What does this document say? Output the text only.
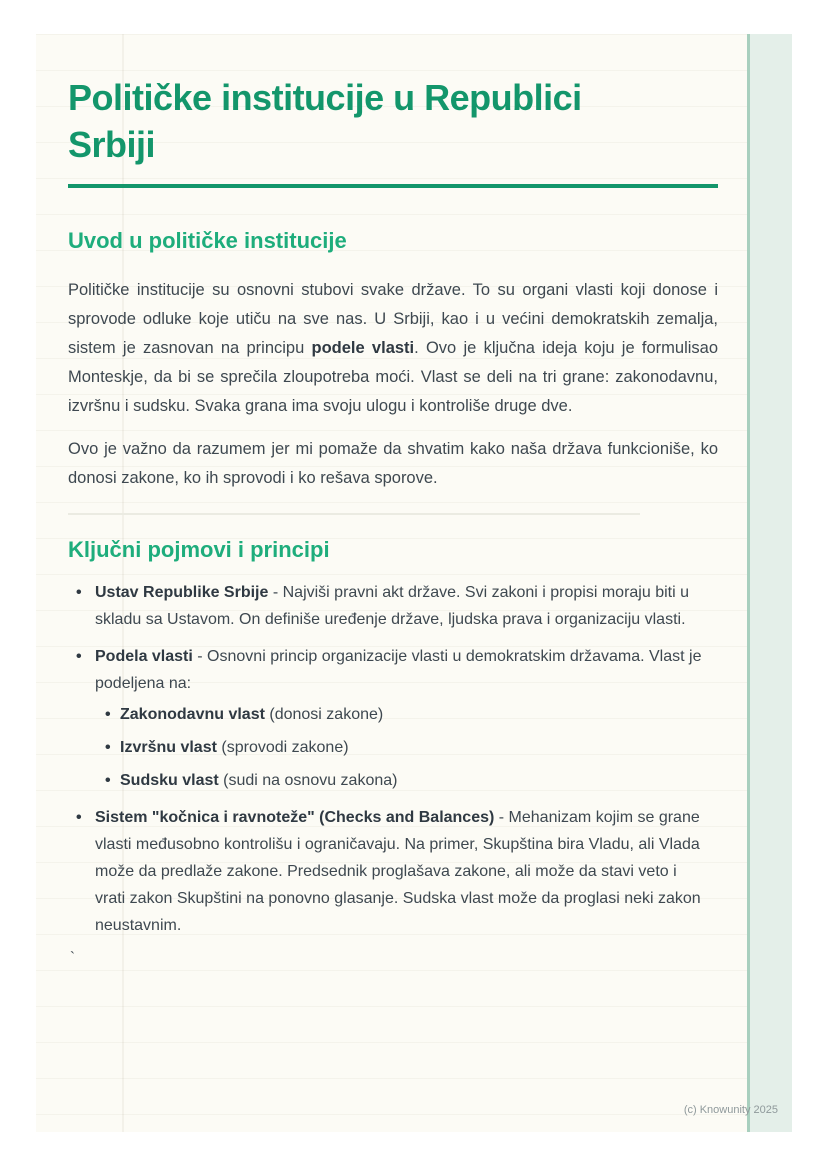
Političke institucije u Republici
Srbiji
Uvod u političke institucije

Političke institucije su osnovni stubovi svake države. To su organi vlasti koji donose i sprovode odluke koje utiču na sve nas. U Srbiji, kao i u većini demokratskih zemalja, sistem je zasnovan na principu podele vlasti. Ovo je ključna ideja koju je formulisao Monteskje, da bi se sprečila zloupotreba moći. Vlast se deli na tri grane: zakonodavnu, izvršnu i sudsku. Svaka grana ima svoju ulogu i kontroliše druge dve.

Ovo je važno da razumem jer mi pomaže da shvatim kako naša država funkcioniše, ko donosi zakone, ko ih sprovodi i ko rešava sporove.

Ključni pojmovi i principi
• Ustav Republike Srbije - Najviši pravni akt države. Svi zakoni i propisi moraju biti u skladu sa Ustavom. On definiše uređenje države, ljudska prava i organizaciju vlasti.
• Podela vlasti - Osnovni princip organizacije vlasti u demokratskim državama. Vlast je podeljena na:
• Zakonodavnu vlast (donosi zakone)
• Izvršnu vlast (sprovodi zakone)
• Sudsku vlast (sudi na osnovu zakona)
• Sistem "kočnica i ravnoteže" (Checks and Balances) - Mehanizam kojim se grane vlasti međusobno kontrolišu i ograničavaju. Na primer, Skupština bira Vladu, ali Vlada može da predlaže zakone. Predsednik proglašava zakone, ali može da stavi veto i vrati zakon Skupštini na ponovno glasanje. Sudska vlast može da proglasi neki zakon neustavnim.
`
(c) Knowunity 2025
